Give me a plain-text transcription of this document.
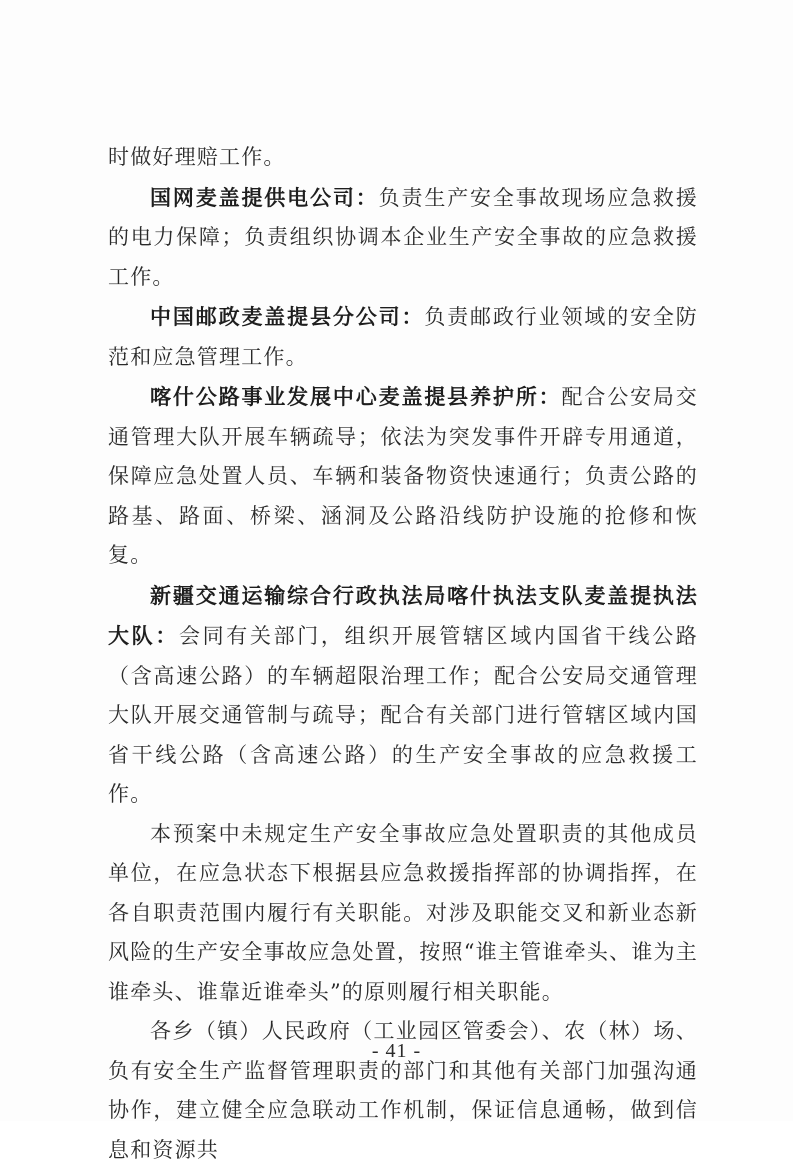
时做好理赔工作。

国网麦盖提供电公司：负责生产安全事故现场应急救援的电力保障；负责组织协调本企业生产安全事故的应急救援工作。

中国邮政麦盖提县分公司：负责邮政行业领域的安全防范和应急管理工作。

喀什公路事业发展中心麦盖提县养护所：配合公安局交通管理大队开展车辆疏导；依法为突发事件开辟专用通道，保障应急处置人员、车辆和装备物资快速通行；负责公路的路基、路面、桥梁、涵洞及公路沿线防护设施的抢修和恢复。

新疆交通运输综合行政执法局喀什执法支队麦盖提执法大队：会同有关部门，组织开展管辖区域内国省干线公路（含高速公路）的车辆超限治理工作；配合公安局交通管理大队开展交通管制与疏导；配合有关部门进行管辖区域内国省干线公路（含高速公路）的生产安全事故的应急救援工作。

本预案中未规定生产安全事故应急处置职责的其他成员单位，在应急状态下根据县应急救援指挥部的协调指挥，在各自职责范围内履行有关职能。对涉及职能交叉和新业态新风险的生产安全事故应急处置，按照“谁主管谁牵头、谁为主谁牵头、谁靠近谁牵头”的原则履行相关职能。

各乡（镇）人民政府（工业园区管委会）、农（林）场、负有安全生产监督管理职责的部门和其他有关部门加强沟通协作，建立健全应急联动工作机制，保证信息通畅，做到信息和资源共

- 41 -
